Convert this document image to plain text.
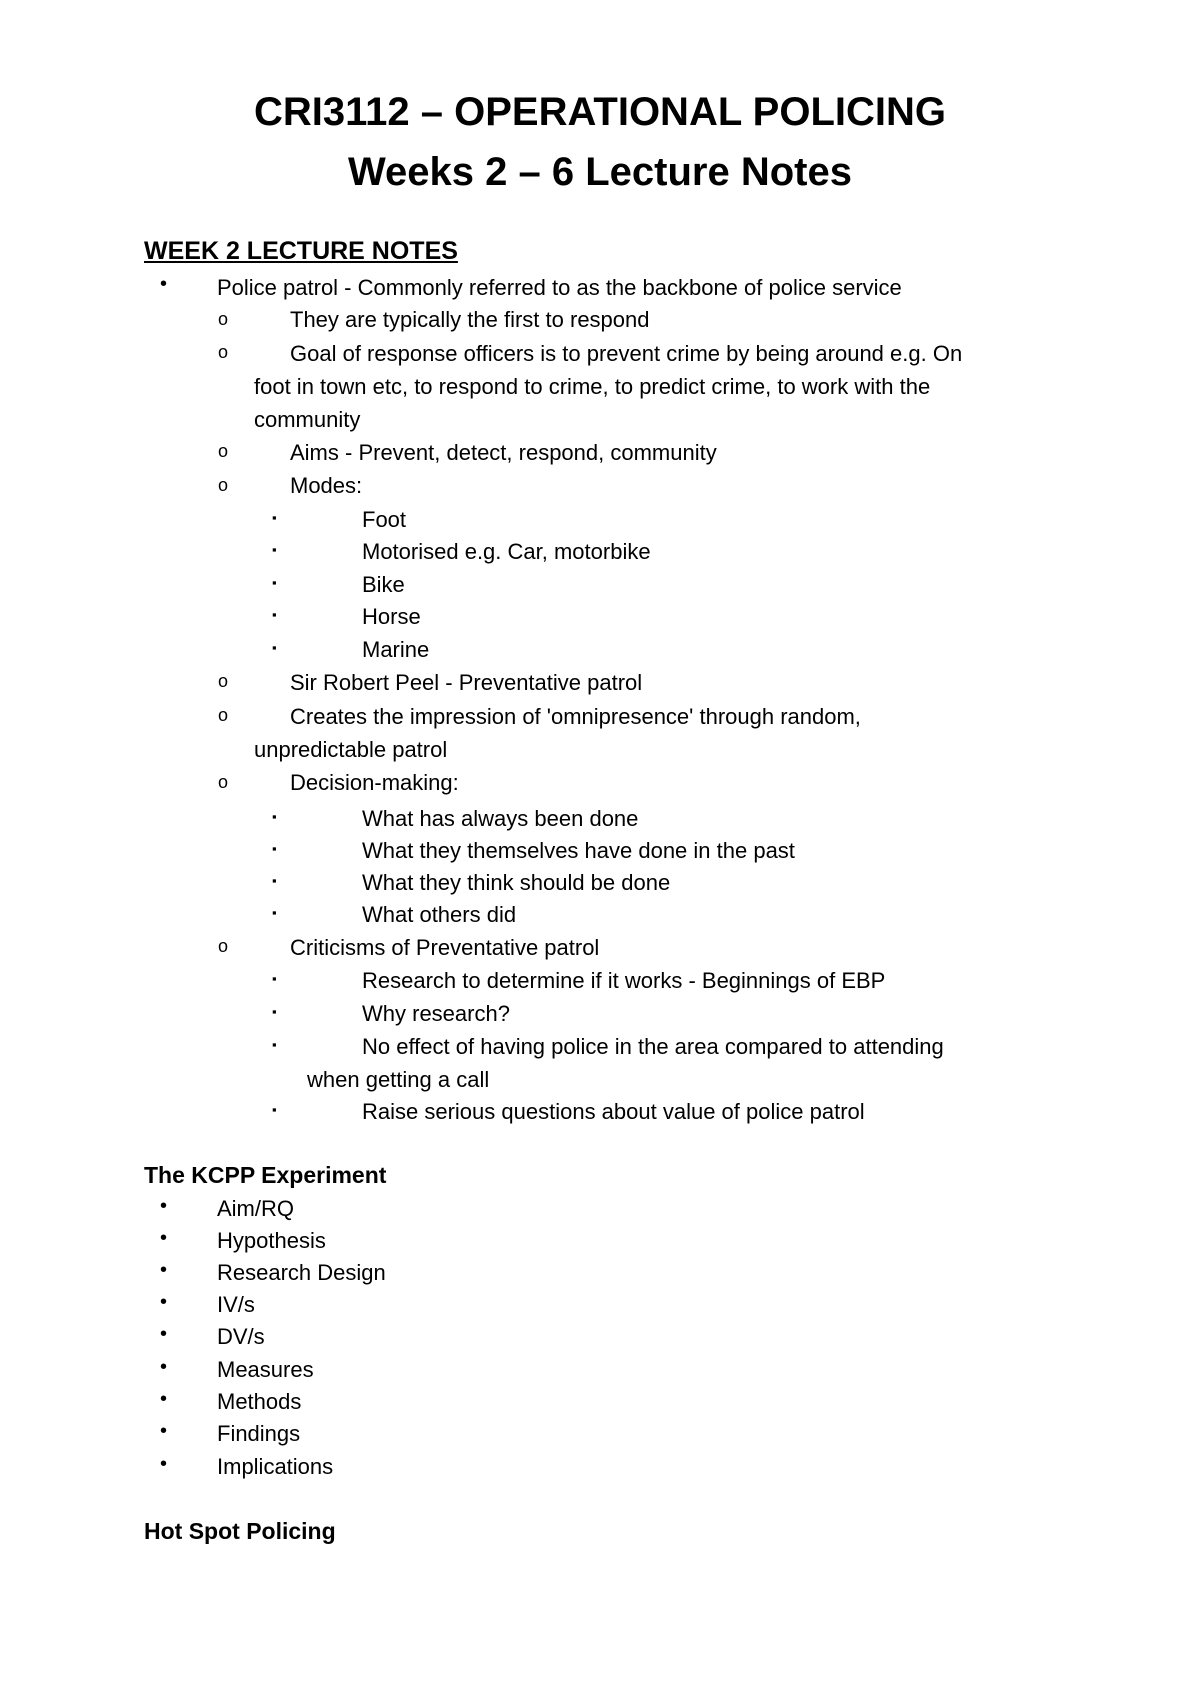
CRI3112 – OPERATIONAL POLICING
Weeks 2 – 6 Lecture Notes
WEEK 2 LECTURE NOTES
• Police patrol - Commonly referred to as the backbone of police service
o	They are typically the first to respond
o	Goal of response officers is to prevent crime by being around e.g. On
foot in town etc, to respond to crime, to predict crime, to work with the
community
o	Aims - Prevent, detect, respond, community
o	Modes:
▪	Foot
▪	Motorised e.g. Car, motorbike
▪	Bike
▪	Horse
▪	Marine
o	Sir Robert Peel - Preventative patrol
o	Creates the impression of 'omnipresence' through random,
unpredictable patrol
o	Decision-making:
▪	What has always been done
▪	What they themselves have done in the past
▪	What they think should be done
▪	What others did
o	Criticisms of Preventative patrol
▪	Research to determine if it works - Beginnings of EBP
▪	Why research?
▪	No effect of having police in the area compared to attending
when getting a call
▪	Raise serious questions about value of police patrol
The KCPP Experiment
• Aim/RQ
• Hypothesis
• Research Design
• IV/s
• DV/s
• Measures
• Methods
• Findings
• Implications
Hot Spot Policing
